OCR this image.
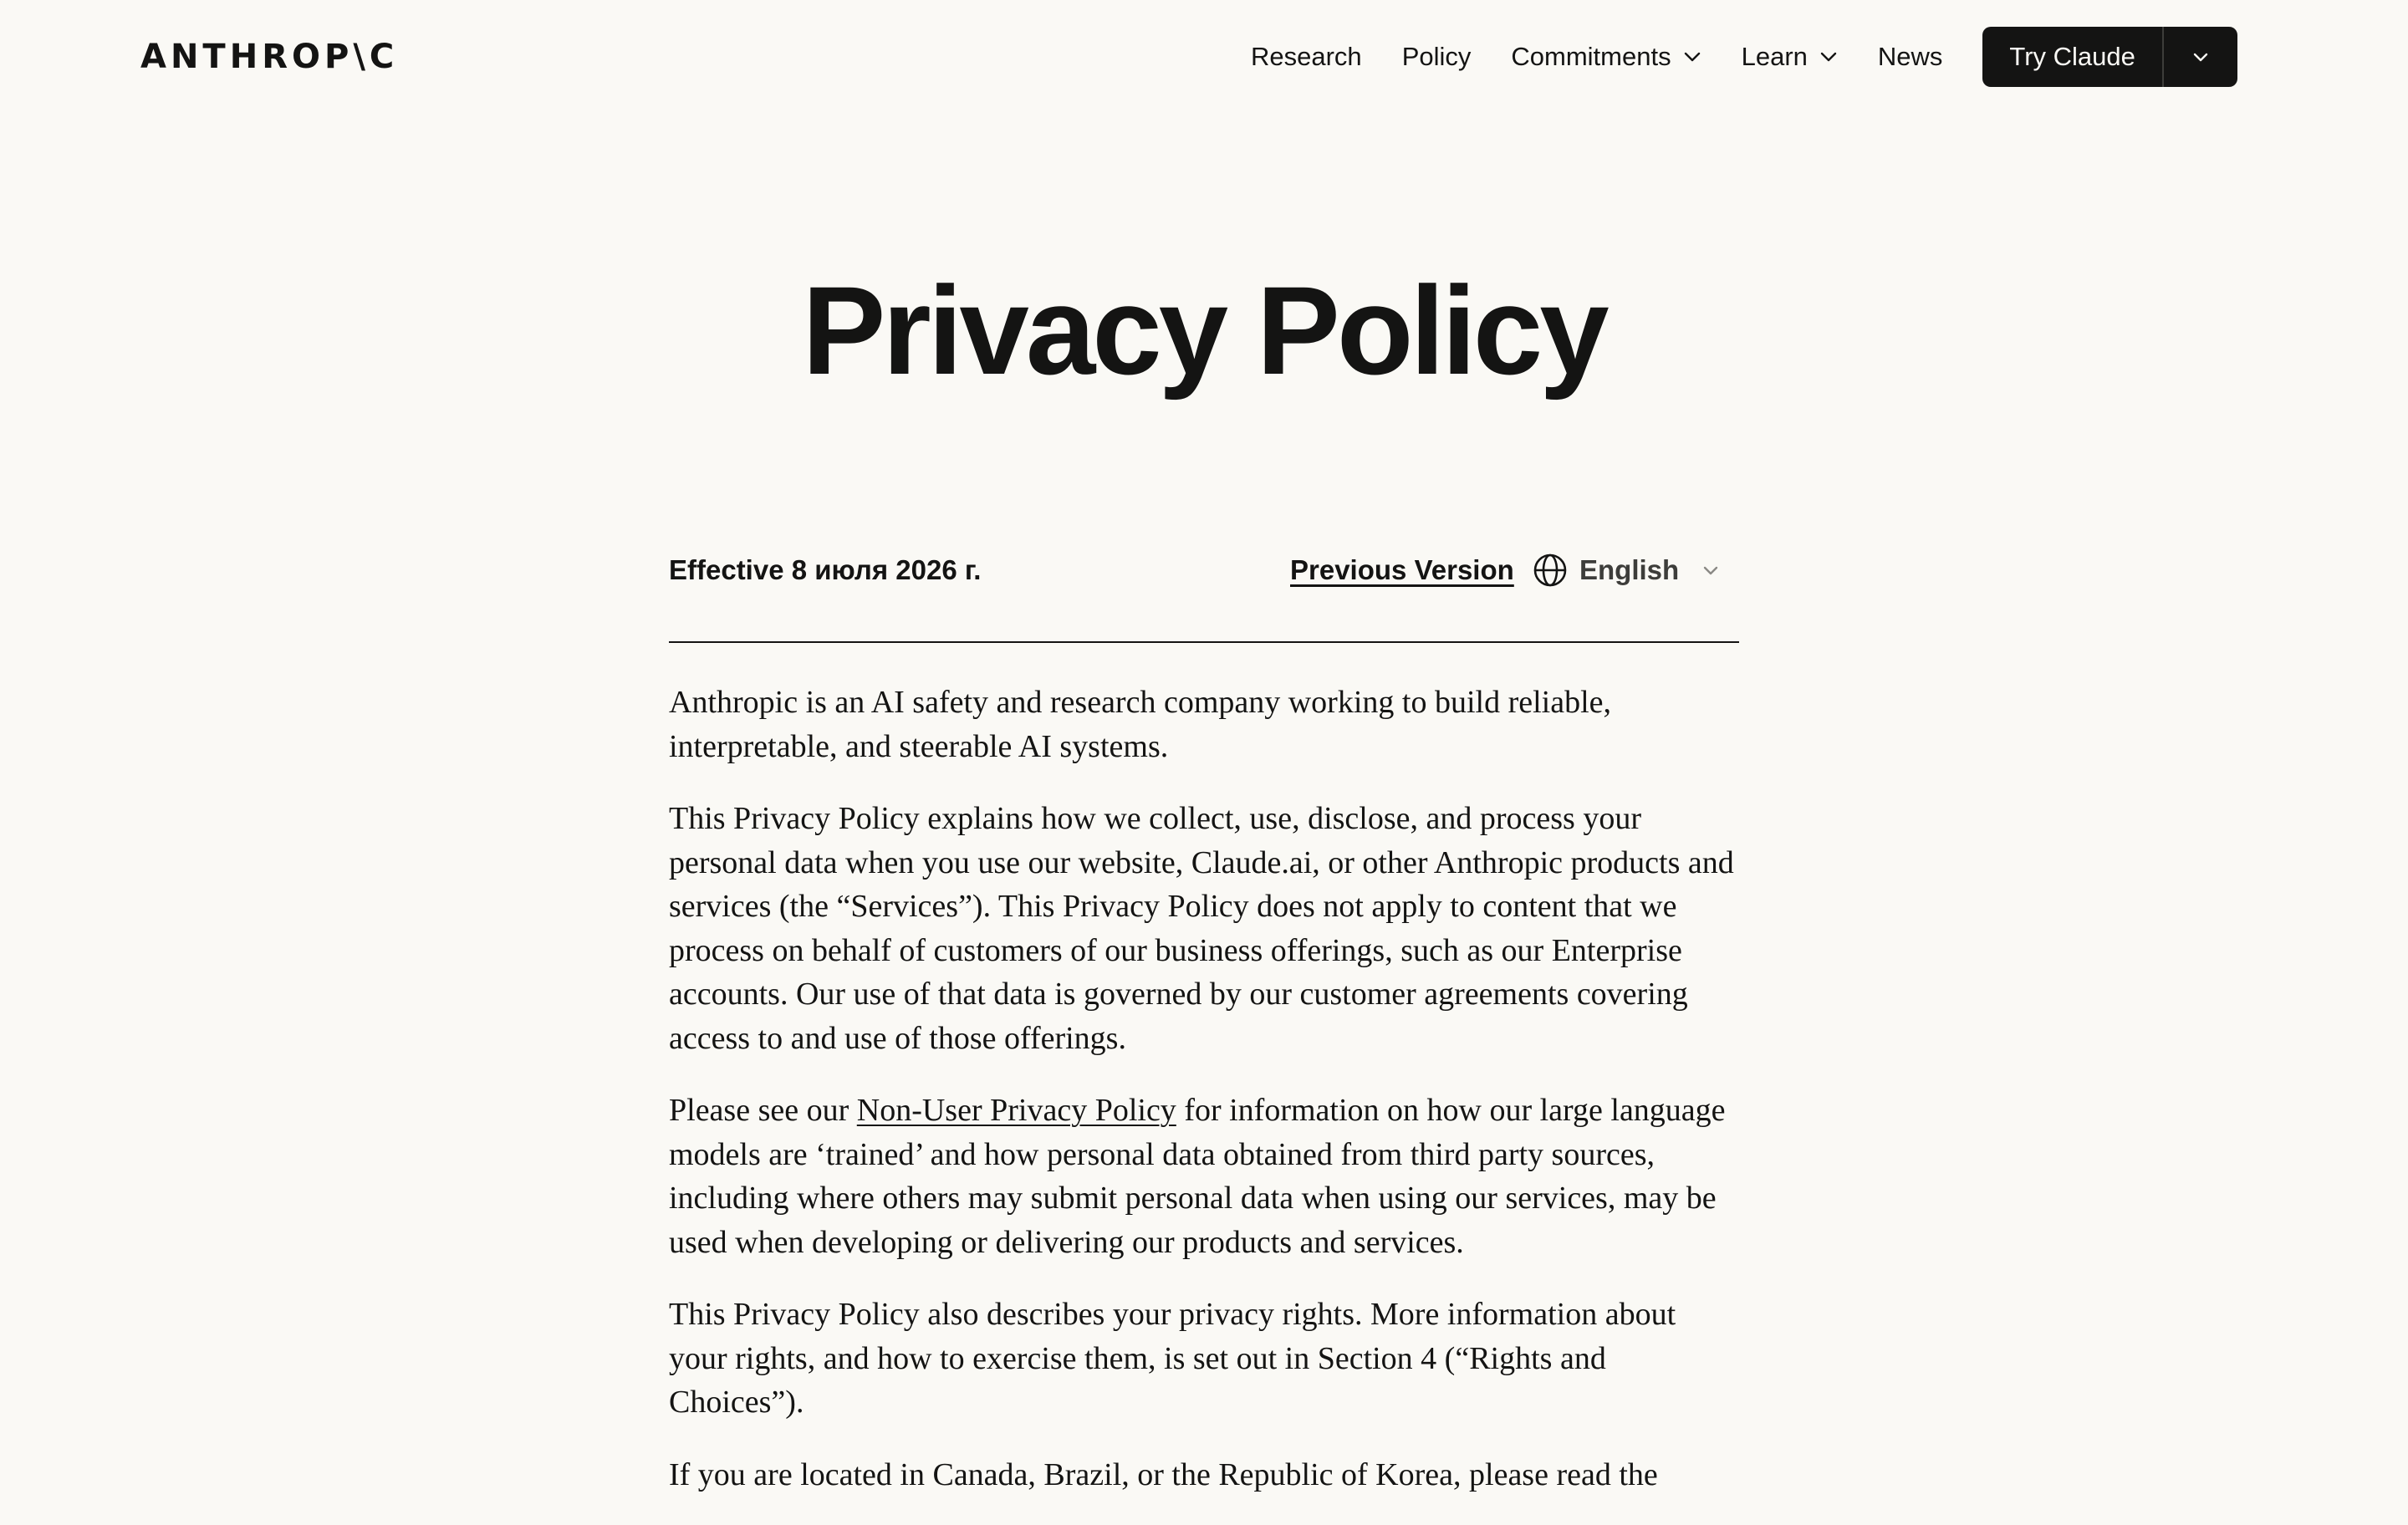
ANTHROP\C	Research Policy Commitments	Learn	News	Try Claude
Privacy Policy
Effective 8 июля 2026 г.	Previous Version English

Anthropic is an AI safety and research company working to build reliable, interpretable, and steerable AI systems.

This Privacy Policy explains how we collect, use, disclose, and process your personal data when you use our website, Claude.ai, or other Anthropic products and services (the “Services”). This Privacy Policy does not apply to content that we process on behalf of customers of our business offerings, such as our Enterprise accounts. Our use of that data is governed by our customer agreements covering access to and use of those offerings.

Please see our Non-User Privacy Policy for information on how our large language models are ‘trained’ and how personal data obtained from third party sources, including where others may submit personal data when using our services, may be used when developing or delivering our products and services.

This Privacy Policy also describes your privacy rights. More information about your rights, and how to exercise them, is set out in Section 4 (“Rights and Choices”).

If you are located in Canada, Brazil, or the Republic of Korea, please read the
